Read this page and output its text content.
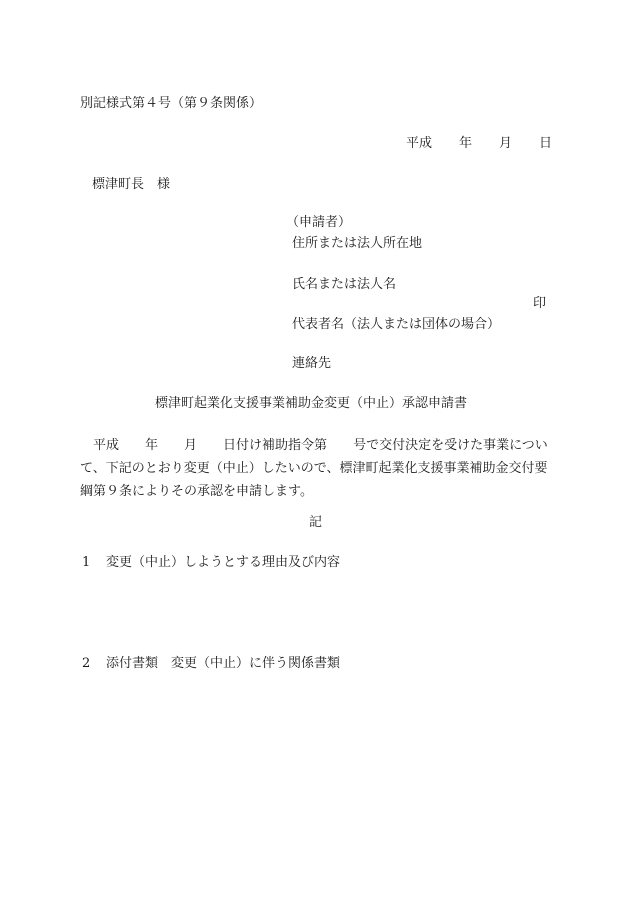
別記様式第４号（第９条関係）
平成 年 月 日
標津町長　様
（申請者）
住所または法人所在地
氏名または法人名
印
代表者名（法人または団体の場合）
連絡先
標津町起業化支援事業補助金変更（中止）承認申請書
平成 年 月 日付け補助指令第 号で交付決定を受けた事業について、下記のとおり変更（中止）したいので、標津町起業化支援事業補助金交付要綱第９条によりその承認を申請します。
記
1 変更（中止）しようとする理由及び内容
2 添付書類　変更（中止）に伴う関係書類
